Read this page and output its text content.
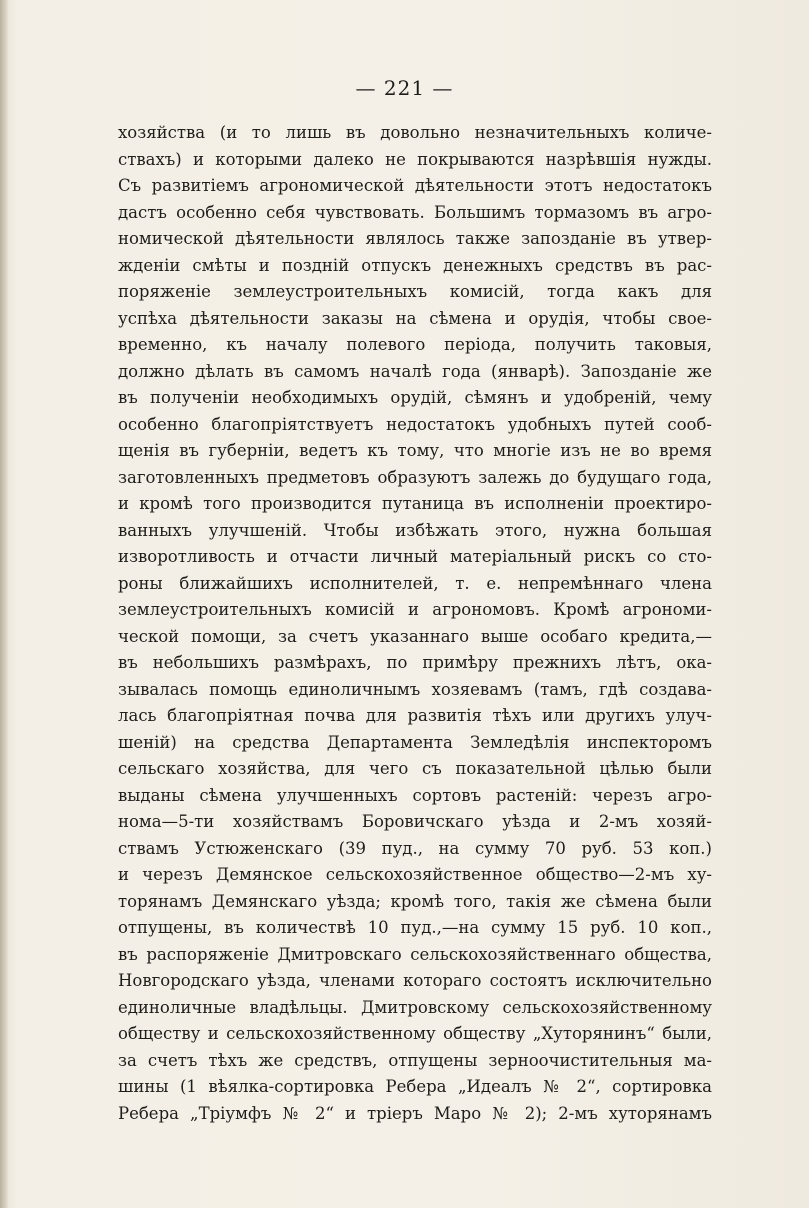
— 221 —
хозяйства (и то лишь въ довольно незначительныхъ количе-
ствахъ) и которыми далеко не покрываются назрѣвшія нужды.
Съ развитіемъ агрономической дѣятельности этотъ недостатокъ
дастъ особенно себя чувствовать. Большимъ тормазомъ въ агро-
номической дѣятельности являлось также запозданіе въ утвер-
жденіи смѣты и поздній отпускъ денежныхъ средствъ въ рас-
поряженіе землеустроительныхъ комисій, тогда какъ для
успѣха дѣятельности заказы на сѣмена и орудія, чтобы свое-
временно, къ началу полевого періода, получить таковыя,
должно дѣлать въ самомъ началѣ года (январѣ). Запозданіе же
въ полученіи необходимыхъ орудій, сѣмянъ и удобреній, чему
особенно благопріятствуетъ недостатокъ удобныхъ путей сооб-
щенія въ губерніи, ведетъ къ тому, что многіе изъ не во время
заготовленныхъ предметовъ образуютъ залежь до будущаго года,
и кромѣ того производится путаница въ исполненіи проектиро-
ванныхъ улучшеній. Чтобы избѣжать этого, нужна большая
изворотливость и отчасти личный матеріальный рискъ со сто-
роны ближайшихъ исполнителей, т. е. непремѣннаго члена
землеустроительныхъ комисій и агрономовъ. Кромѣ агрономи-
ческой помощи, за счетъ указаннаго выше особаго кредита,—
въ небольшихъ размѣрахъ, по примѣру прежнихъ лѣтъ, ока-
зывалась помощь единоличнымъ хозяевамъ (тамъ, гдѣ создава-
лась благопріятная почва для развитія тѣхъ или другихъ улуч-
шеній) на средства Департамента Земледѣлія инспекторомъ
сельскаго хозяйства, для чего съ показательной цѣлью были
выданы сѣмена улучшенныхъ сортовъ растеній: черезъ агро-
нома—5-ти хозяйствамъ Боровичскаго уѣзда и 2-мъ хозяй-
ствамъ Устюженскаго (39 пуд., на сумму 70 руб. 53 коп.)
и черезъ Демянское сельскохозяйственное общество—2-мъ ху-
торянамъ Демянскаго уѣзда; кромѣ того, такія же сѣмена были
отпущены, въ количествѣ 10 пуд.,—на сумму 15 руб. 10 коп.,
въ распоряженіе Дмитровскаго сельскохозяйственнаго общества,
Новгородскаго уѣзда, членами котораго состоятъ исключительно
единоличные владѣльцы. Дмитровскому сельскохозяйственному
обществу и сельскохозяйственному обществу „Хуторянинъ“ были,
за счетъ тѣхъ же средствъ, отпущены зерноочистительныя ма-
шины (1 вѣялка-сортировка Ребера „Идеалъ № 2“, сортировка
Ребера „Тріумфъ № 2“ и тріеръ Маро № 2); 2-мъ хуторянамъ
